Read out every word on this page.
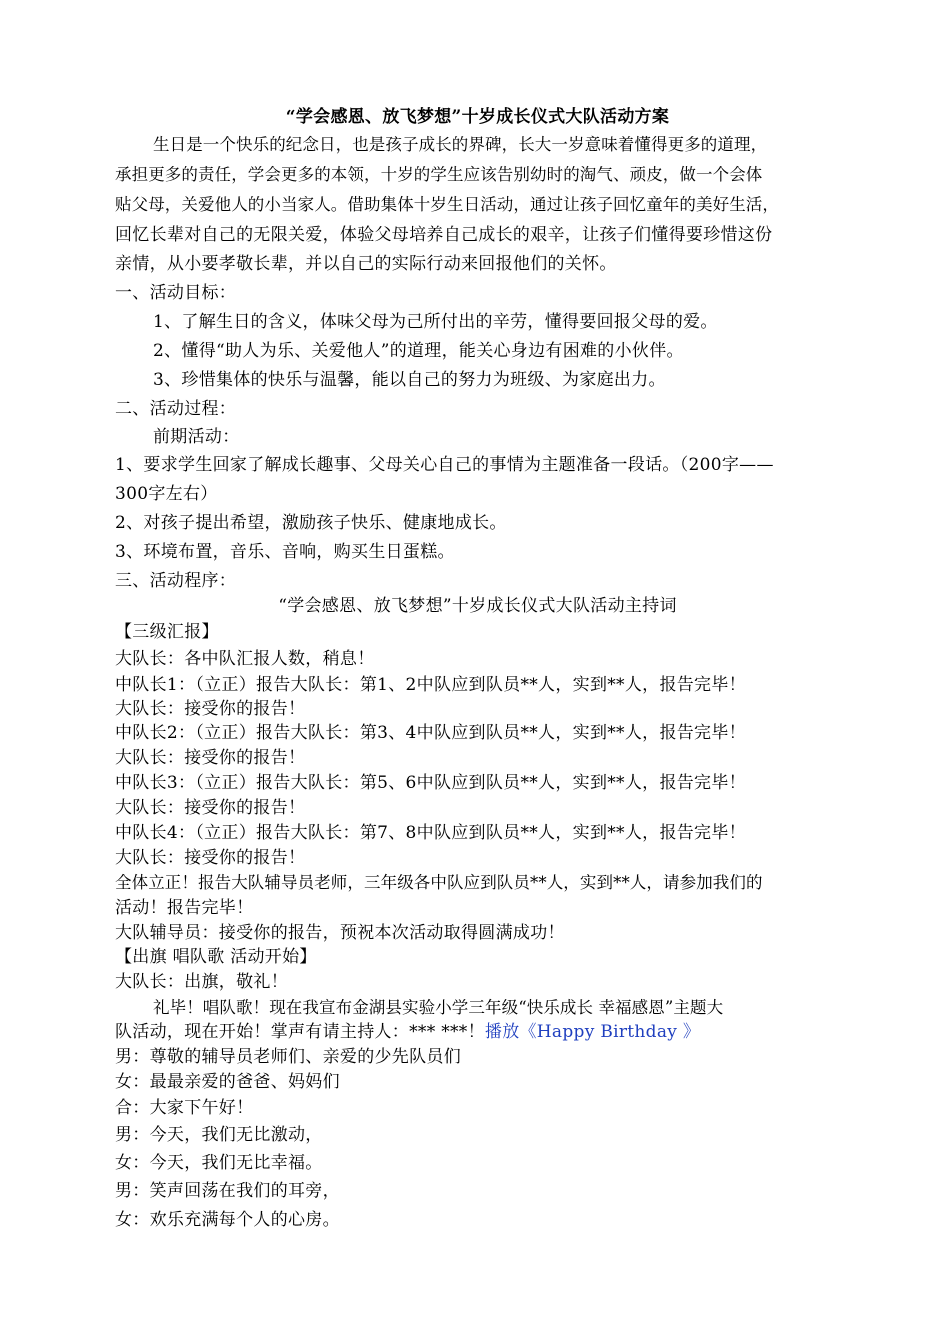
“学会感恩、放飞梦想”十岁成长仪式大队活动方案
生日是一个快乐的纪念日，也是孩子成长的界碑，长大一岁意味着懂得更多的道理，
承担更多的责任，学会更多的本领，十岁的学生应该告别幼时的淘气、顽皮，做一个会体
贴父母，关爱他人的小当家人。借助集体十岁生日活动，通过让孩子回忆童年的美好生活，
回忆长辈对自己的无限关爱，体验父母培养自己成长的艰辛，让孩子们懂得要珍惜这份
亲情，从小要孝敬长辈，并以自己的实际行动来回报他们的关怀。
一、活动目标：
1、了解生日的含义，体味父母为己所付出的辛劳，懂得要回报父母的爱。
2、懂得“助人为乐、关爱他人”的道理，能关心身边有困难的小伙伴。
3、珍惜集体的快乐与温馨，能以自己的努力为班级、为家庭出力。
二、活动过程：
前期活动：
1、要求学生回家了解成长趣事、父母关心自己的事情为主题准备一段话。（200字——
300字左右）
2、对孩子提出希望，激励孩子快乐、健康地成长。
3、环境布置，音乐、音响，购买生日蛋糕。
三、活动程序：
“学会感恩、放飞梦想”十岁成长仪式大队活动主持词
【三级汇报】
大队长：各中队汇报人数，稍息！
中队长1：（立正）报告大队长：第1、2中队应到队员**人，实到**人，报告完毕！
大队长：接受你的报告！
中队长2：（立正）报告大队长：第3、4中队应到队员**人，实到**人，报告完毕！
大队长：接受你的报告！
中队长3：（立正）报告大队长：第5、6中队应到队员**人，实到**人，报告完毕！
大队长：接受你的报告！
中队长4：（立正）报告大队长：第7、8中队应到队员**人，实到**人，报告完毕！
大队长：接受你的报告！
全体立正！报告大队辅导员老师，三年级各中队应到队员**人，实到**人，请参加我们的
活动！报告完毕！
大队辅导员：接受你的报告，预祝本次活动取得圆满成功！
【出旗 唱队歌 活动开始】
大队长：出旗，敬礼！
礼毕！唱队歌！现在我宣布金湖县实验小学三年级“快乐成长 幸福感恩”主题大
队活动，现在开始！掌声有请主持人：*** ***！播放《Happy Birthday 》
男：尊敬的辅导员老师们、亲爱的少先队员们
女：最最亲爱的爸爸、妈妈们
合：大家下午好！
男：今天，我们无比激动，
女：今天，我们无比幸福。
男：笑声回荡在我们的耳旁，
女：欢乐充满每个人的心房。
